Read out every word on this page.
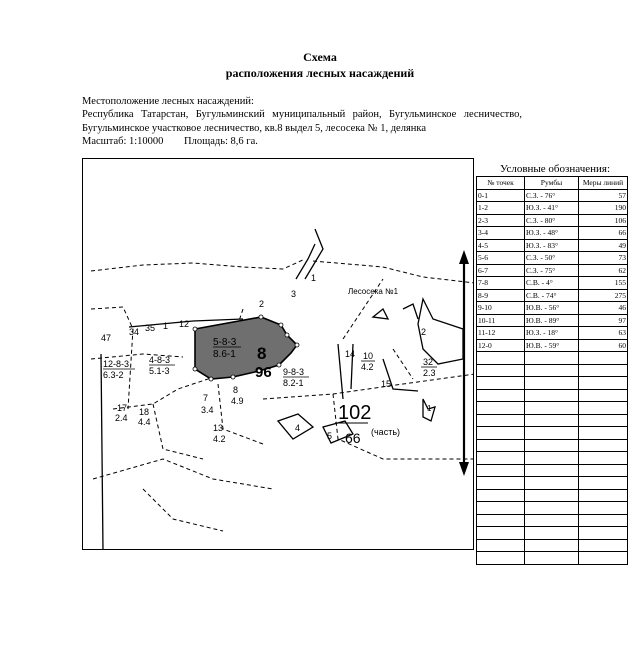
Схема
расположения лесных насаждений
Местоположение лесных насаждений:
Республика Татарстан, Бугульминский муниципальный район, Бугульминское лесничество, Бугульминское участковое лесничество, кв.8 выдел 5, лесосека № 1, делянка
Масштаб: 1:10000 Площадь: 8,6 га.
5-8-3
8.6-1 8
96
Лесосека №1
102
(часть)
66
47
34 35 1 12
12-8-3
6.3-2
4-8-3
5.1-3	9-8-3
8.2-1
2
3
1
7
3.4
17
2.4
18
4.4
13
4.2
10
4.2
14
15
32
2.3
8
4.9
4
5
2
1
Условные обозначения:
№ точек	Румбы	Меры линий
0-1	С.З. - 76°	57
1-2	Ю.З. - 41°	190
2-3	С.З. - 80°	106
3-4	Ю.З. - 48°	66
4-5	Ю.З. - 83°	49
5-6	С.З. - 50°	73
6-7	С.З. - 75°	62
7-8	С.В. - 4°	155
8-9	С.В. - 74°	275
9-10	Ю.В. - 56°	46
10-11	Ю.В. - 89°	97
11-12	Ю.З. - 18°	63
12-0	Ю.В. - 59°	60
